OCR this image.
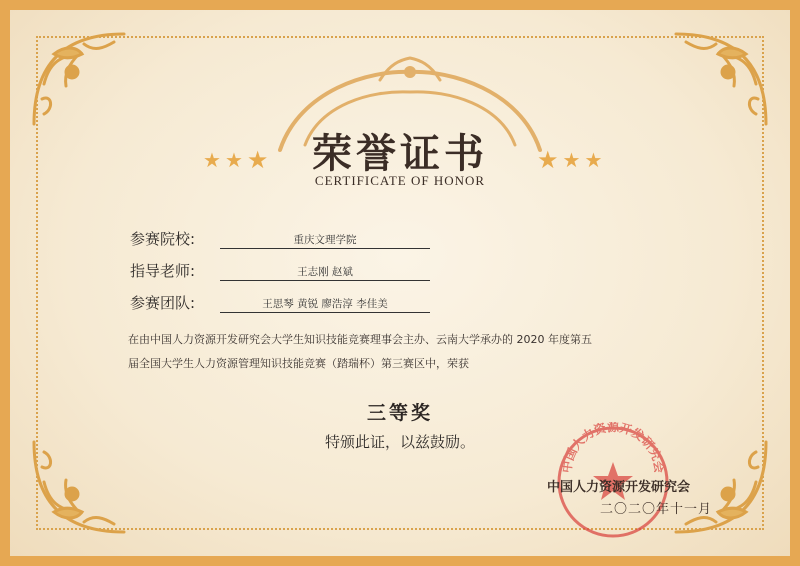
荣誉证书
CERTIFICATE OF HONOR
★ ★ ★	★ ★ ★
参赛院校:	重庆文理学院
指导老师:	王志刚 赵斌
参赛团队:	王思琴 黄锐 廖浩淳 李佳美
在由中国人力资源开发研究会大学生知识技能竞赛理事会主办、云南大学承办的 2020 年度第五
届全国大学生人力资源管理知识技能竞赛（踏瑞杯）第三赛区中，荣获
三等奖
特颁此证，以兹鼓励。
中国人力资源开发研究会
中国人力资源开发研究会
二〇二〇年十一月
